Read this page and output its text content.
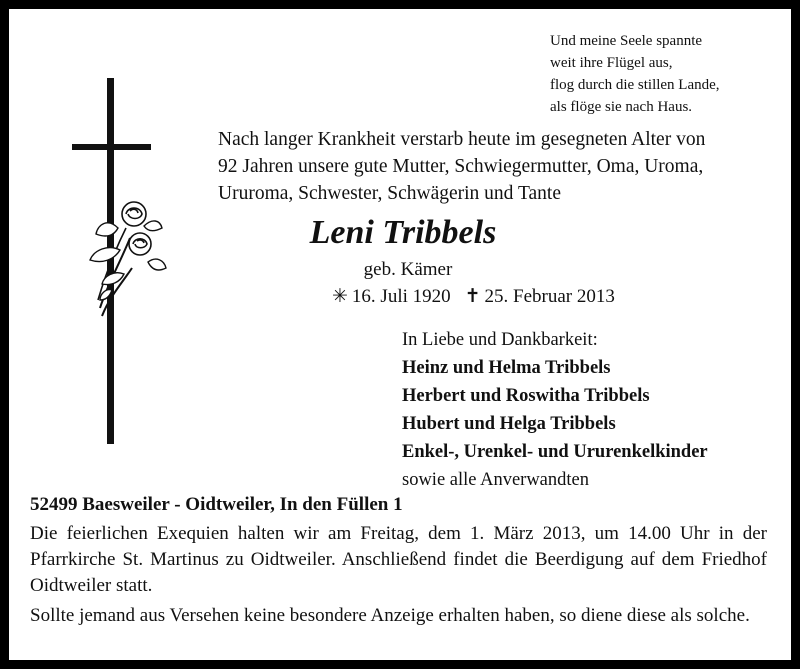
Und meine Seele spannte
weit ihre Flügel aus,
flog durch die stillen Lande,
als flöge sie nach Haus.
Nach langer Krankheit verstarb heute im gesegneten Alter von
92 Jahren unsere gute Mutter, Schwiegermutter, Oma, Uroma,
Ururoma, Schwester, Schwägerin und Tante
Leni Tribbels
geb. Kämer
✳ 16. Juli 1920 ✝ 25. Februar 2013
In Liebe und Dankbarkeit:
Heinz und Helma Tribbels
Herbert und Roswitha Tribbels
Hubert und Helga Tribbels
Enkel-, Urenkel- und Ururenkelkinder
sowie alle Anverwandten
52499 Baesweiler - Oidtweiler, In den Füllen 1

Die feierlichen Exequien halten wir am Freitag, dem 1. März 2013, um 14.00 Uhr in der Pfarrkirche St. Martinus zu Oidtweiler. Anschließend findet die Beerdigung auf dem Friedhof Oidtweiler statt.

Sollte jemand aus Versehen keine besondere Anzeige erhalten haben, so diene diese als solche.
